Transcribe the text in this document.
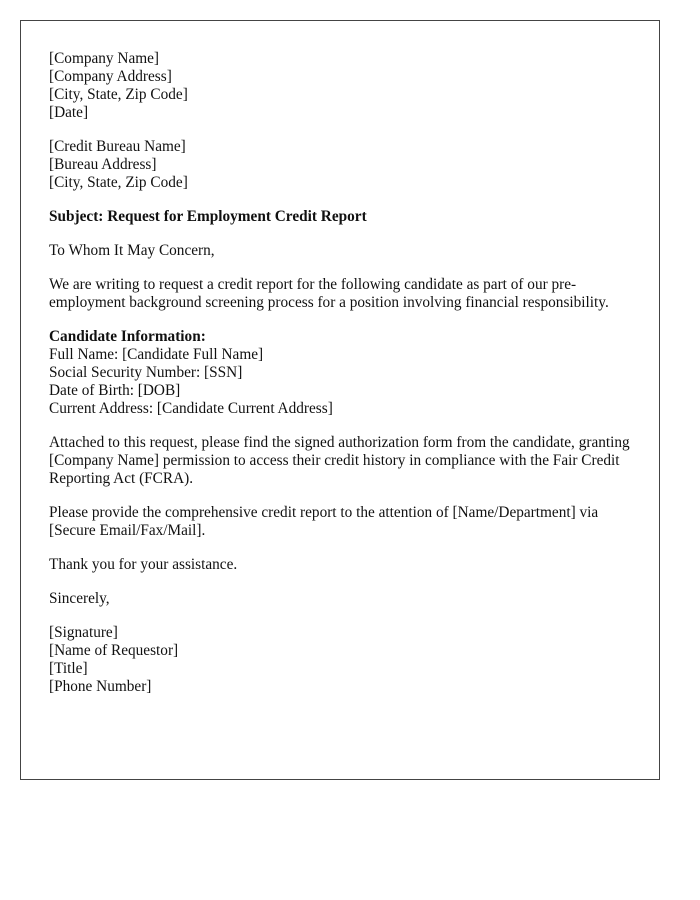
[Company Name]
[Company Address]
[City, State, Zip Code]
[Date]
[Credit Bureau Name]
[Bureau Address]
[City, State, Zip Code]
Subject: Request for Employment Credit Report
To Whom It May Concern,
We are writing to request a credit report for the following candidate as part of our pre-employment background screening process for a position involving financial responsibility.
Candidate Information:
Full Name: [Candidate Full Name]
Social Security Number: [SSN]
Date of Birth: [DOB]
Current Address: [Candidate Current Address]
Attached to this request, please find the signed authorization form from the candidate, granting [Company Name] permission to access their credit history in compliance with the Fair Credit Reporting Act (FCRA).
Please provide the comprehensive credit report to the attention of [Name/Department] via [Secure Email/Fax/Mail].
Thank you for your assistance.
Sincerely,
[Signature]
[Name of Requestor]
[Title]
[Phone Number]
